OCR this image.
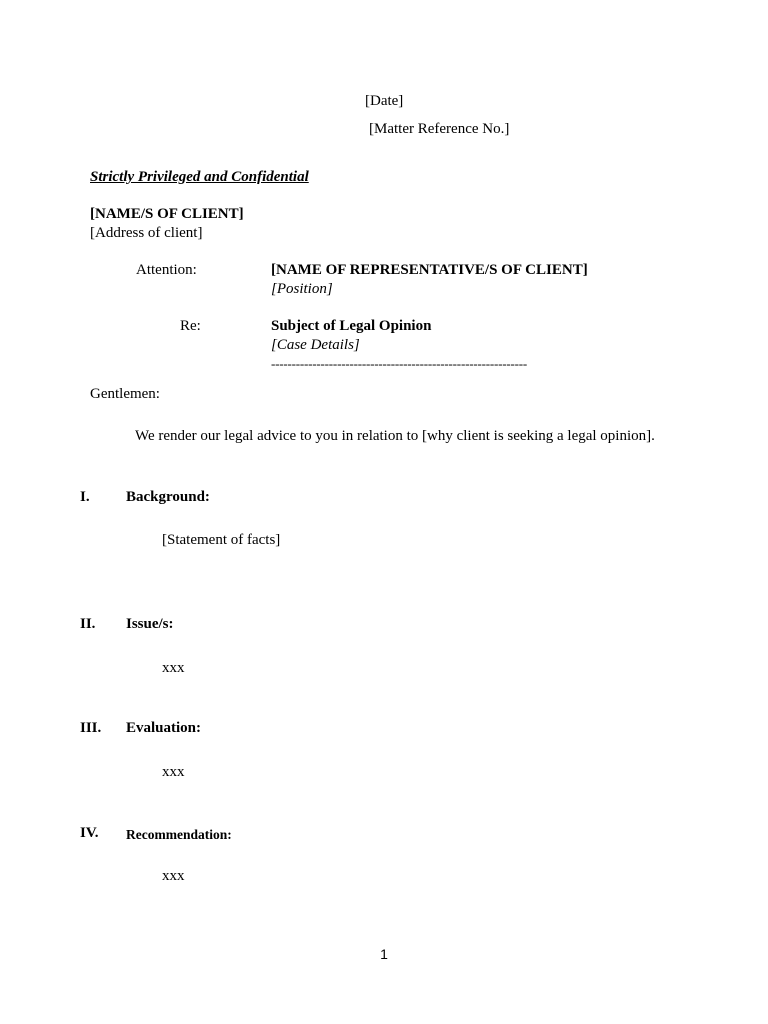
[Date]
[Matter Reference No.]
Strictly Privileged and Confidential
[NAME/S OF CLIENT]
[Address of client]
Attention:	[NAME OF REPRESENTATIVE/S OF CLIENT]
[Position]
Re:	Subject of Legal Opinion
[Case Details]
--------------------------------------------------------------
Gentlemen:
We render our legal advice to you in relation to [why client is seeking a legal opinion].
I. Background:
[Statement of facts]
II. Issue/s:
xxx
III. Evaluation:
xxx
IV. Recommendation:
xxx
1
